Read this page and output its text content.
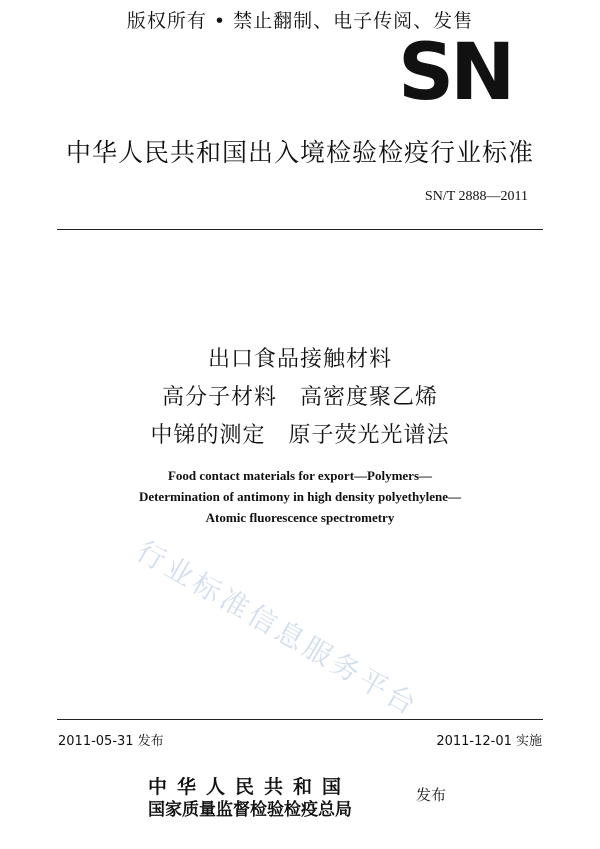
版权所有 • 禁止翻制、电子传阅、发售
SN
中华人民共和国出入境检验检疫行业标准
SN/T 2888—2011
出口食品接触材料
高分子材料　高密度聚乙烯
中锑的测定　原子荧光光谱法
Food contact materials for export—Polymers—
Determination of antimony in high density polyethylene—
Atomic fluorescence spectrometry
行业标准信息服务平台
2011-05-31 发布	2011-12-01 实施
中华人民共和国
国家质量监督检验检疫总局
发布
